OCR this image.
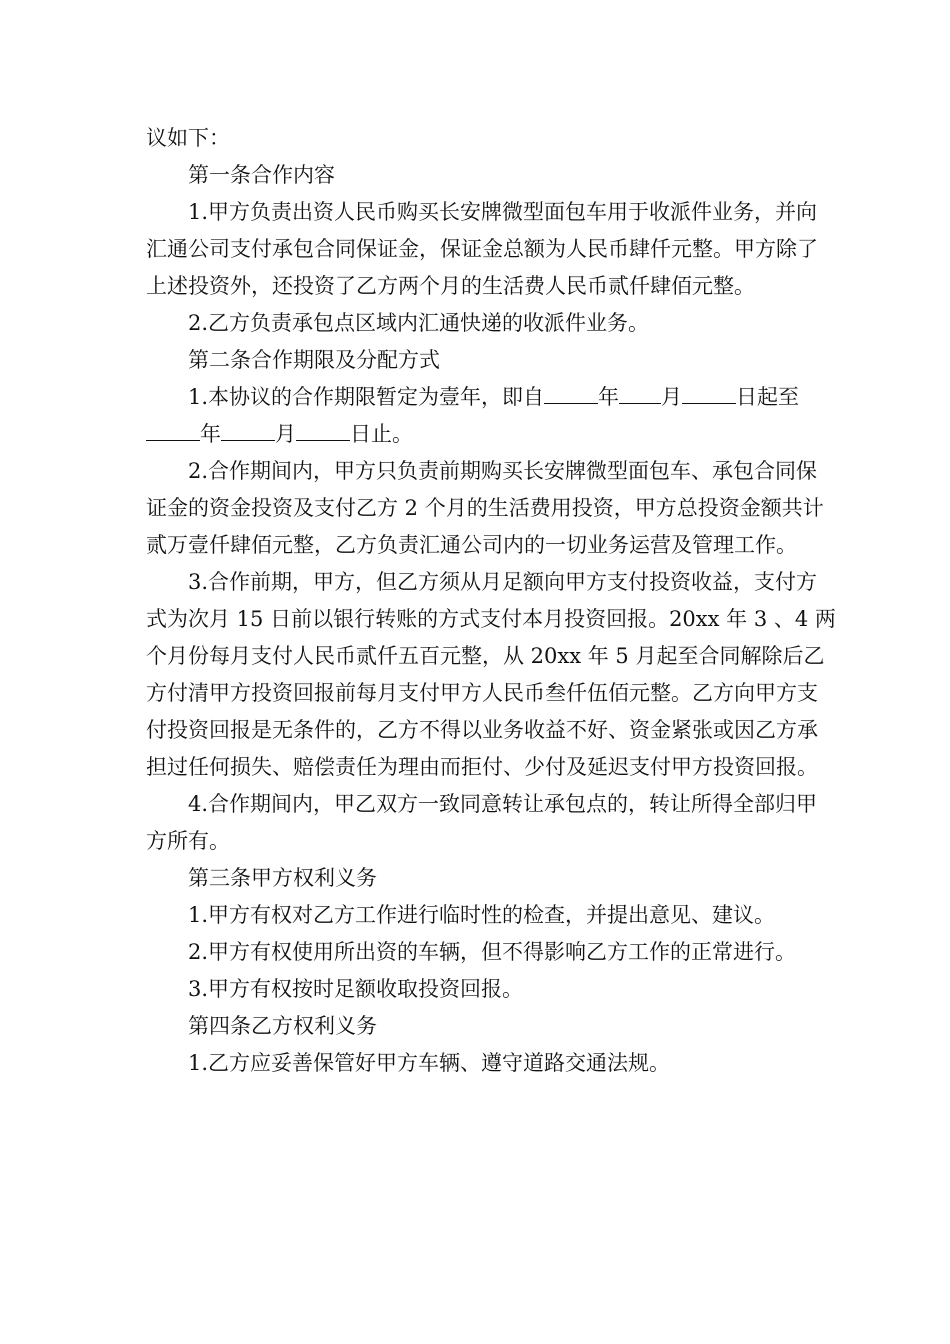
议如下：

第一条合作内容

1.甲方负责出资人民币购买长安牌微型面包车用于收派件业务，并向汇通公司支付承包合同保证金，保证金总额为人民币肆仟元整。甲方除了上述投资外，还投资了乙方两个月的生活费人民币贰仟肆佰元整。

2.乙方负责承包点区域内汇通快递的收派件业务。

第二条合作期限及分配方式

1.本协议的合作期限暂定为壹年，即自	年 月	日起至年	月	日止。

2.合作期间内，甲方只负责前期购买长安牌微型面包车、承包合同保证金的资金投资及支付乙方 2 个月的生活费用投资，甲方总投资金额共计贰万壹仟肆佰元整，乙方负责汇通公司内的一切业务运营及管理工作。

3.合作前期，甲方，但乙方须从月足额向甲方支付投资收益，支付方式为次月 15 日前以银行转账的方式支付本月投资回报。20xx 年 3 、4 两个月份每月支付人民币贰仟五百元整，从 20xx 年 5 月起至合同解除后乙方付清甲方投资回报前每月支付甲方人民币叁仟伍佰元整。乙方向甲方支付投资回报是无条件的，乙方不得以业务收益不好、资金紧张或因乙方承担过任何损失、赔偿责任为理由而拒付、少付及延迟支付甲方投资回报。

4.合作期间内，甲乙双方一致同意转让承包点的，转让所得全部归甲方所有。

第三条甲方权利义务

1.甲方有权对乙方工作进行临时性的检查，并提出意见、建议。

2.甲方有权使用所出资的车辆，但不得影响乙方工作的正常进行。

3.甲方有权按时足额收取投资回报。

第四条乙方权利义务

1.乙方应妥善保管好甲方车辆、遵守道路交通法规。
